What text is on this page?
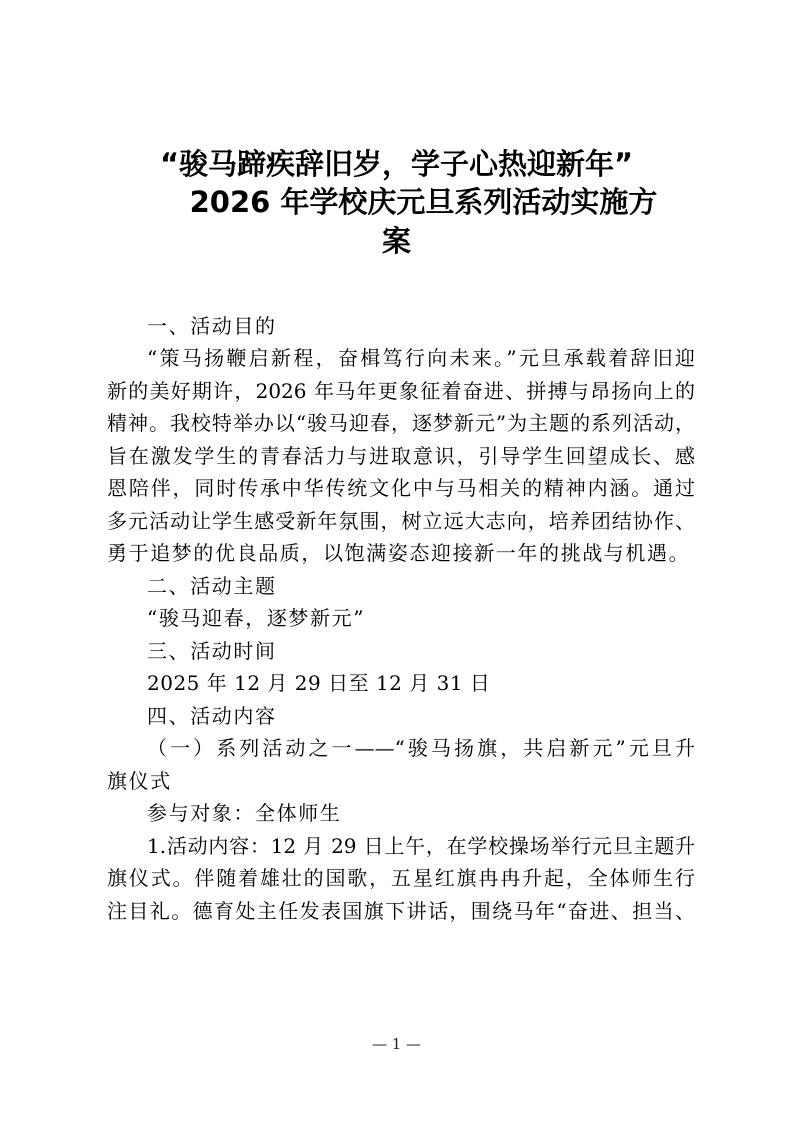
“骏马蹄疾辞旧岁，学子心热迎新年”
2026 年学校庆元旦系列活动实施方
案
一、活动目的
“策马扬鞭启新程，奋楫笃行向未来。”元旦承载着辞旧迎
新的美好期许，2026 年马年更象征着奋进、拼搏与昂扬向上的
精神。我校特举办以“骏马迎春，逐梦新元”为主题的系列活动，
旨在激发学生的青春活力与进取意识，引导学生回望成长、感
恩陪伴，同时传承中华传统文化中与马相关的精神内涵。通过
多元活动让学生感受新年氛围，树立远大志向，培养团结协作、
勇于追梦的优良品质，以饱满姿态迎接新一年的挑战与机遇。
二、活动主题
“骏马迎春，逐梦新元”
三、活动时间
2025 年 12 月 29 日至 12 月 31 日
四、活动内容
（一）系列活动之一——“骏马扬旗，共启新元”元旦升
旗仪式
参与对象：全体师生
1.活动内容：12 月 29 日上午，在学校操场举行元旦主题升
旗仪式。伴随着雄壮的国歌，五星红旗冉冉升起，全体师生行
注目礼。德育处主任发表国旗下讲话，围绕马年“奋进、担当、
— 1 —
